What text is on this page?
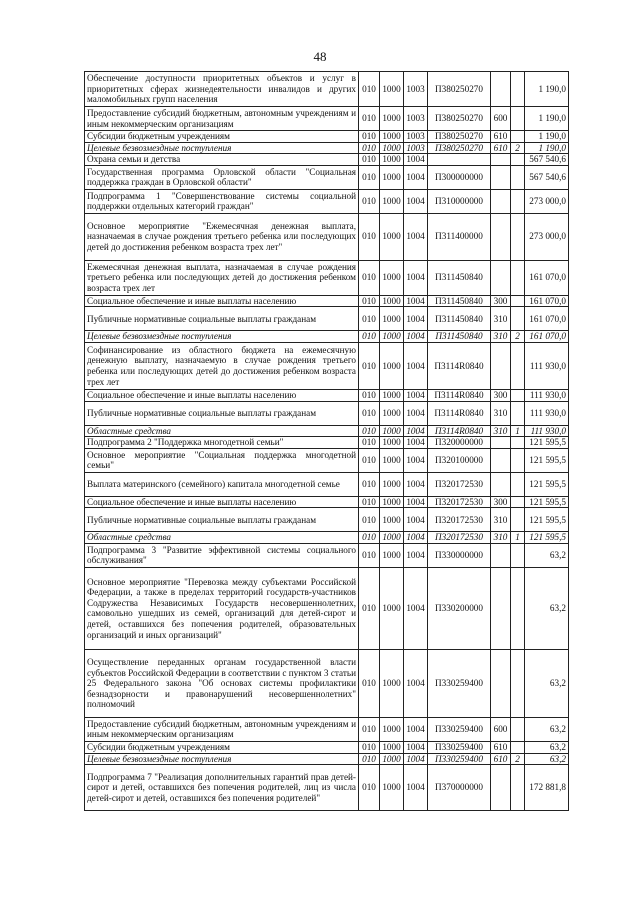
48
Обеспечение доступности приоритетных объектов и услуг в приоритетных сферах жизнедеятельности инвалидов и других маломобильных групп населения	010	1000	1003	П380250270			1 190,0
Предоставление субсидий бюджетным, автономным учреждениям и иным некоммерческим организациям	010	1000	1003	П380250270	600		1 190,0
Субсидии бюджетным учреждениям	010	1000	1003	П380250270	610		1 190,0
Целевые безвозмездные поступления	010	1000	1003	П380250270	610	2	1 190,0
Охрана семьи и детства	010	1000	1004				567 540,6
Государственная программа Орловской области "Социальная поддержка граждан в Орловской области"	010	1000	1004	П300000000			567 540,6
Подпрограмма 1 "Совершенствование системы социальной поддержки отдельных категорий граждан"	010	1000	1004	П310000000			273 000,0
Основное мероприятие "Ежемесячная денежная выплата, назначаемая в случае рождения третьего ребенка или последующих детей до достижения ребенком возраста трех лет"	010	1000	1004	П311400000			273 000,0
Ежемесячная денежная выплата, назначаемая в случае рождения третьего ребенка или последующих детей до достижения ребенком возраста трех лет	010	1000	1004	П311450840			161 070,0
Социальное обеспечение и иные выплаты населению	010	1000	1004	П311450840	300		161 070,0
Публичные нормативные социальные выплаты гражданам	010	1000	1004	П311450840	310		161 070,0
Целевые безвозмездные поступления	010	1000	1004	П311450840	310	2	161 070,0
Софинансирование из областного бюджета на ежемесячную денежную выплату, назначаемую в случае рождения третьего ребенка или последующих детей до достижения ребенком возраста трех лет	010	1000	1004	П3114R0840			111 930,0
Социальное обеспечение и иные выплаты населению	010	1000	1004	П3114R0840	300		111 930,0
Публичные нормативные социальные выплаты гражданам	010	1000	1004	П3114R0840	310		111 930,0
Областные средства	010	1000	1004	П3114R0840	310	1	111 930,0
Подпрограмма 2 "Поддержка многодетной семьи"	010	1000	1004	П320000000			121 595,5
Основное мероприятие "Социальная поддержка многодетной семьи"	010	1000	1004	П320100000			121 595,5
Выплата материнского (семейного) капитала многодетной семье	010	1000	1004	П320172530			121 595,5
Социальное обеспечение и иные выплаты населению	010	1000	1004	П320172530	300		121 595,5
Публичные нормативные социальные выплаты гражданам	010	1000	1004	П320172530	310		121 595,5
Областные средства	010	1000	1004	П320172530	310	1	121 595,5
Подпрограмма 3 "Развитие эффективной системы социального обслуживания"	010	1000	1004	П330000000			63,2
Основное мероприятие "Перевозка между субъектами Российской Федерации, а также в пределах территорий государств-участников Содружества Независимых Государств несовершеннолетних, самовольно ушедших из семей, организаций для детей-сирот и детей, оставшихся без попечения родителей, образовательных организаций и иных организаций"	010	1000	1004	П330200000			63,2
Осуществление переданных органам государственной власти субъектов Российской Федерации в соответствии с пунктом 3 статьи 25 Федерального закона "Об основах системы профилактики безнадзорности и правонарушений несовершеннолетних" полномочий	010	1000	1004	П330259400			63,2
Предоставление субсидий бюджетным, автономным учреждениям и иным некоммерческим организациям	010	1000	1004	П330259400	600		63,2
Субсидии бюджетным учреждениям	010	1000	1004	П330259400	610		63,2
Целевые безвозмездные поступления	010	1000	1004	П330259400	610	2	63,2
Подпрограмма 7 "Реализация дополнительных гарантий прав детей-сирот и детей, оставшихся без попечения родителей, лиц из числа детей-сирот и детей, оставшихся без попечения родителей"	010	1000	1004	П370000000			172 881,8
